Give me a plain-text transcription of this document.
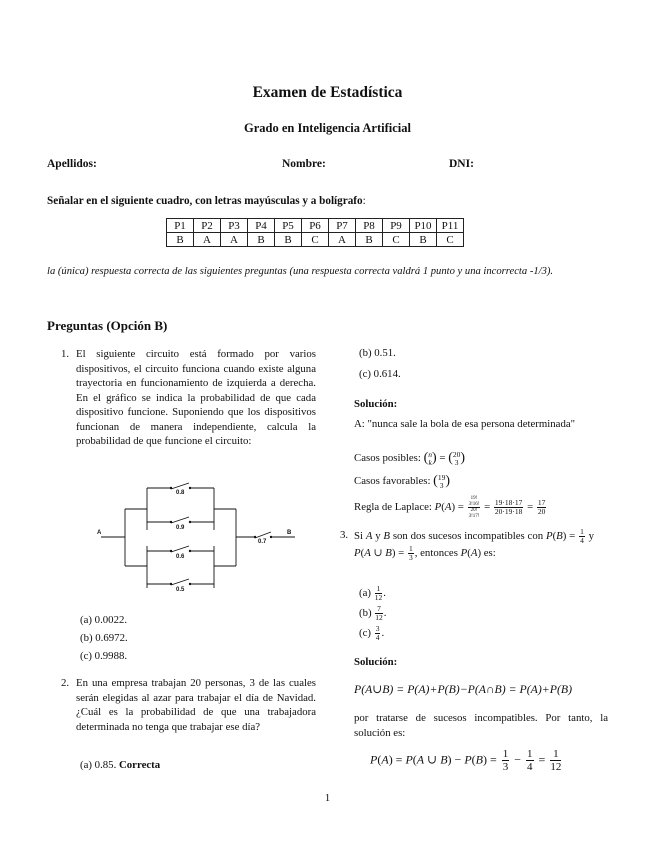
Examen de Estadística
Grado en Inteligencia Artificial
Apellidos:	Nombre:	DNI:
Señalar en el siguiente cuadro, con letras mayúsculas y a bolígrafo:
P1	P2	P3	P4	P5	P6	P7	P8	P9	P10	P11
B	A	A	B	B	C	A	B	C	B	C
la (única) respuesta correcta de las siguientes preguntas (una respuesta correcta valdrá 1 punto y una incorrecta -1/3).
Preguntas (Opción B)
1. El siguiente circuito está formado por varios dispositivos, el circuito funciona cuando existe alguna trayectoria en funcionamiento de izquierda a derecha. En el gráfico se indica la probabilidad de que cada dispositivo funcione. Suponiendo que los dispositivos funcionan de manera independiente, calcula la probabilidad de que funcione el circuito:
A	B
0.8
0.9
0.6
0.5
0.7
(a) 0.0022.
(b) 0.6972.
(c) 0.9988.
2. En una empresa trabajan 20 personas, 3 de las cuales serán elegidas al azar para trabajar el día de Navidad. ¿Cuál es la probabilidad de que una trabajadora determinada no tenga que trabajar ese día?
(a) 0.85. Correcta
(b) 0.51.
(c) 0.614.
Solución:
A: "nunca sale la bola de esa persona determinada"
Casos posibles: (n
k) = (20
3 )
Casos favorables: (19
3 )
Regla de Laplace: P(A) =
19!
3!16!
20!
3!17!
= $\frac{19\cdot 18\cdot 17}{20\cdot 19\cdot 18} = \frac{17}{20}$
3. Si A y B son dos sucesos incompatibles con $P(B) = \frac{1}{4}$ y P(A ∪ $B) = \frac{1}{3}$ , entonces P(A) es:
$(a) \frac{1}{12}$ .
$(b) \frac{7}{12}$ .
$(c) \frac{3}{4}$ .
Solución:
P(A∪B) = P(A)+P(B)−P(A∩B) = P(A)+P(B)
por tratarse de sucesos incompatibles. Por tanto, la solución es:
P(A) = P(A ∪ $B) - P(B) = \frac{1}{3} - \frac{1}{4} = \frac{1}{12}$
1
